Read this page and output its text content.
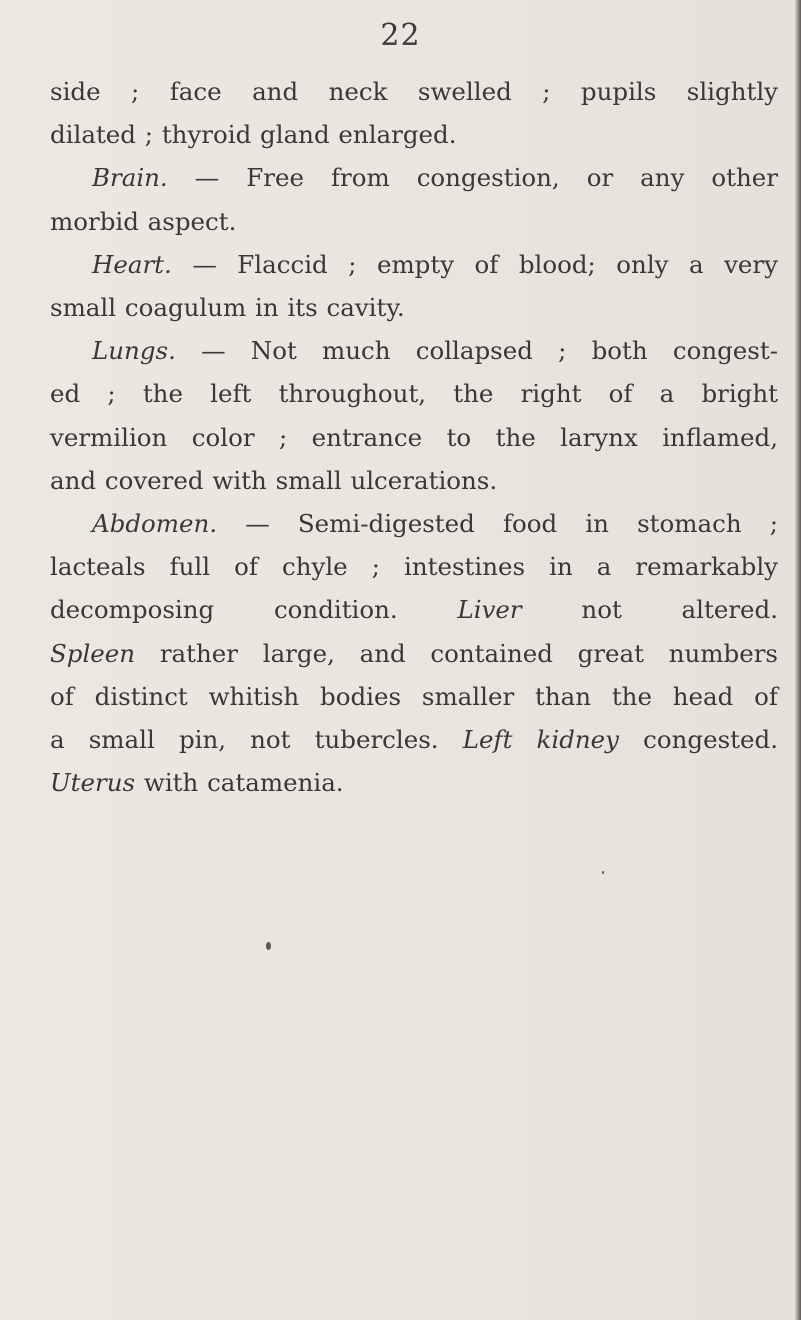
22
side ; face and neck swelled ; pupils slightly
dilated ; thyroid gland enlarged.
Brain. — Free from congestion, or any other
morbid aspect.
Heart. — Flaccid ; empty of blood; only a very
small coagulum in its cavity.
Lungs. — Not much collapsed ; both congest-
ed ; the left throughout, the right of a bright
vermilion color ; entrance to the larynx inflamed,
and covered with small ulcerations.
Abdomen. — Semi-digested food in stomach ;
lacteals full of chyle ; intestines in a remarkably
decomposing condition. Liver not altered.
Spleen rather large, and contained great numbers
of distinct whitish bodies smaller than the head of
a small pin, not tubercles. Left kidney congested.
Uterus with catamenia.
